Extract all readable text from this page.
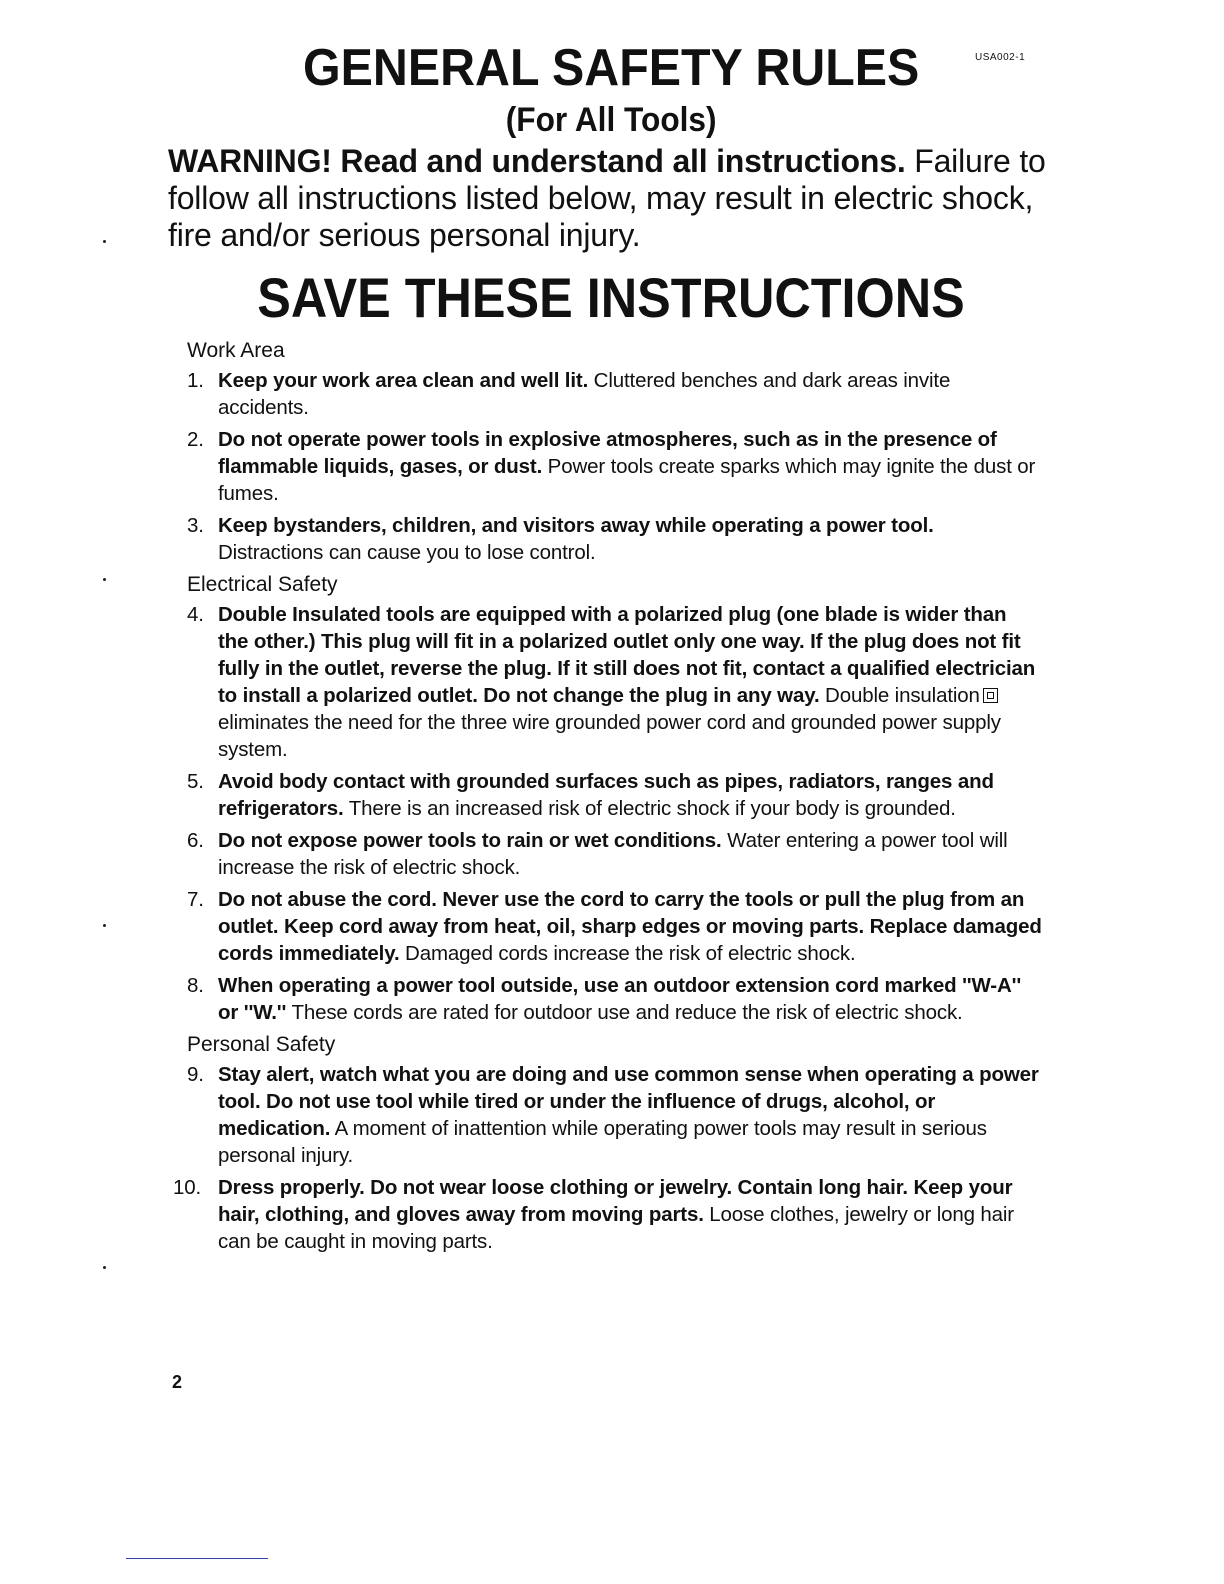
GENERAL SAFETY RULES	USA002-1
(For All Tools)

WARNING! Read and understand all instructions. Failure to follow all instructions listed below, may result in electric shock, fire and/or serious personal injury.

SAVE THESE INSTRUCTIONS
Work Area
1. Keep your work area clean and well lit. Cluttered benches and dark areas invite accidents.
2. Do not operate power tools in explosive atmospheres, such as in the presence of flammable liquids, gases, or dust. Power tools create sparks which may ignite the dust or fumes.
3. Keep bystanders, children, and visitors away while operating a power tool. Distractions can cause you to lose control.
Electrical Safety
4. Double Insulated tools are equipped with a polarized plug (one blade is wider than the other.) This plug will fit in a polarized outlet only one way. If the plug does not fit fully in the outlet, reverse the plug. If it still does not fit, contact a qualified electrician to install a polarized outlet. Do not change the plug in any way. Double insulation eliminates the need for the three wire grounded power cord and grounded power supply system.
5. Avoid body contact with grounded surfaces such as pipes, radiators, ranges and refrigerators. There is an increased risk of electric shock if your body is grounded.
6. Do not expose power tools to rain or wet conditions. Water entering a power tool will increase the risk of electric shock.
7. Do not abuse the cord. Never use the cord to carry the tools or pull the plug from an outlet. Keep cord away from heat, oil, sharp edges or moving parts. Replace damaged cords immediately. Damaged cords increase the risk of electric shock.
8. When operating a power tool outside, use an outdoor extension cord marked ''W-A'' or ''W.'' These cords are rated for outdoor use and reduce the risk of electric shock.
Personal Safety
9. Stay alert, watch what you are doing and use common sense when operating a power tool. Do not use tool while tired or under the influence of drugs, alcohol, or medication. A moment of inattention while operating power tools may result in serious personal injury.
10. Dress properly. Do not wear loose clothing or jewelry. Contain long hair. Keep your hair, clothing, and gloves away from moving parts. Loose clothes, jewelry or long hair can be caught in moving parts.
2
